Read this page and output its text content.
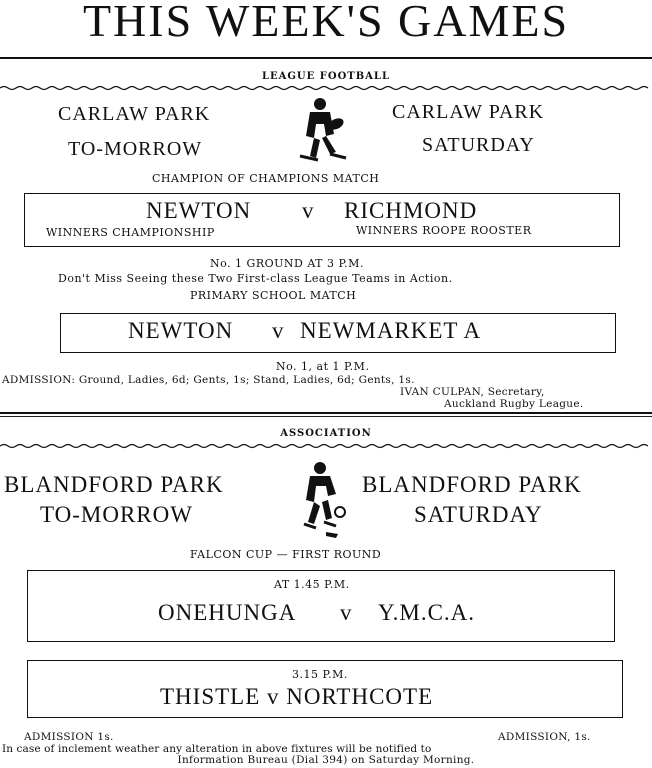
THIS WEEK'S GAMES
LEAGUE FOOTBALL
CARLAW PARK
TO-MORROW
CARLAW PARK
SATURDAY
CHAMPION OF CHAMPIONS MATCH
NEWTON v RICHMOND
WINNERS CHAMPIONSHIP	WINNERS ROOPE ROOSTER
No. 1 GROUND AT 3 P.M.
Don't Miss Seeing these Two First-class League Teams in Action.
PRIMARY SCHOOL MATCH
NEWTON v NEWMARKET A
No. 1, at 1 P.M.
ADMISSION: Ground, Ladies, 6d; Gents, 1s; Stand, Ladies, 6d; Gents, 1s.
IVAN CULPAN, Secretary,
Auckland Rugby League.
ASSOCIATION
BLANDFORD PARK
TO-MORROW
BLANDFORD PARK
SATURDAY
FALCON CUP — FIRST ROUND
AT 1.45 P.M.
ONEHUNGA v Y.M.C.A.
3.15 P.M.
THISTLE v NORTHCOTE
ADMISSION 1s.	ADMISSION, 1s.
In case of inclement weather any alteration in above fixtures will be notified to
Information Bureau (Dial 394) on Saturday Morning.
